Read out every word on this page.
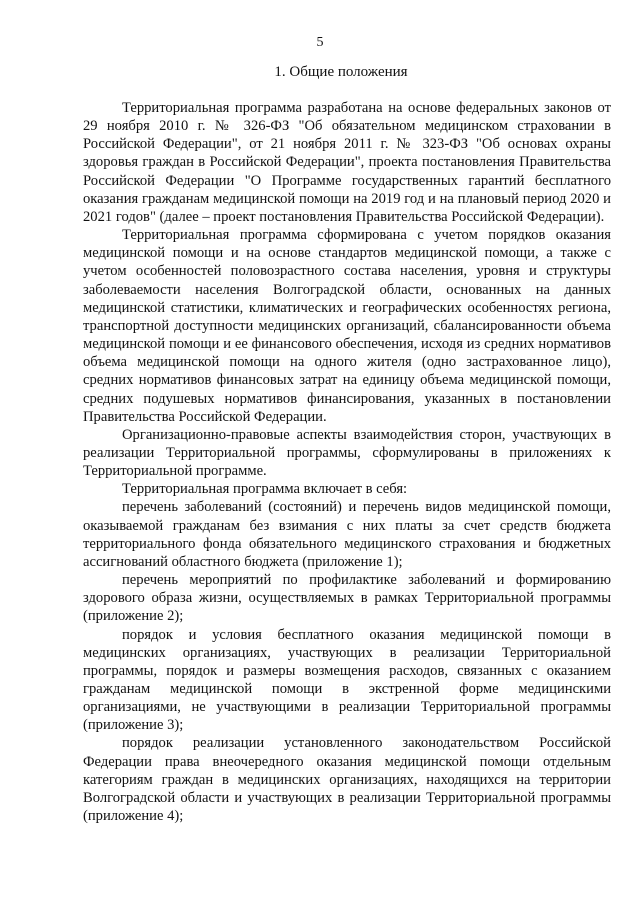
5
1. Общие положения

Территориальная программа разработана на основе федеральных законов от 29 ноября 2010 г. № 326-ФЗ "Об обязательном медицинском страховании в Российской Федерации", от 21 ноября 2011 г. № 323-ФЗ "Об основах охраны здоровья граждан в Российской Федерации", проекта постановления Правительства Российской Федерации "О Программе государственных гарантий бесплатного оказания гражданам медицинской помощи на 2019 год и на плановый период 2020 и 2021 годов" (далее – проект постановления Правительства Российской Федерации).

Территориальная программа сформирована с учетом порядков оказания медицинской помощи и на основе стандартов медицинской помощи, а также с учетом особенностей половозрастного состава населения, уровня и структуры заболеваемости населения Волгоградской области, основанных на данных медицинской статистики, климатических и географических особенностях региона, транспортной доступности медицинских организаций, сбалансированности объема медицинской помощи и ее финансового обеспечения, исходя из средних нормативов объема медицинской помощи на одного жителя (одно застрахованное лицо), средних нормативов финансовых затрат на единицу объема медицинской помощи, средних подушевых нормативов финансирования, указанных в постановлении Правительства Российской Федерации.

Организационно-правовые аспекты взаимодействия сторон, участвующих в реализации Территориальной программы, сформулированы в приложениях к Территориальной программе.

Территориальная программа включает в себя:

перечень заболеваний (состояний) и перечень видов медицинской помощи, оказываемой гражданам без взимания с них платы за счет средств бюджета территориального фонда обязательного медицинского страхования и бюджетных ассигнований областного бюджета (приложение 1);

перечень мероприятий по профилактике заболеваний и формированию здорового образа жизни, осуществляемых в рамках Территориальной программы (приложение 2);

порядок и условия бесплатного оказания медицинской помощи в медицинских организациях, участвующих в реализации Территориальной программы, порядок и размеры возмещения расходов, связанных с оказанием гражданам медицинской помощи в экстренной форме медицинскими организациями, не участвующими в реализации Территориальной программы (приложение 3);

порядок реализации установленного законодательством Российской Федерации права внеочередного оказания медицинской помощи отдельным категориям граждан в медицинских организациях, находящихся на территории Волгоградской области и участвующих в реализации Территориальной программы (приложение 4);
